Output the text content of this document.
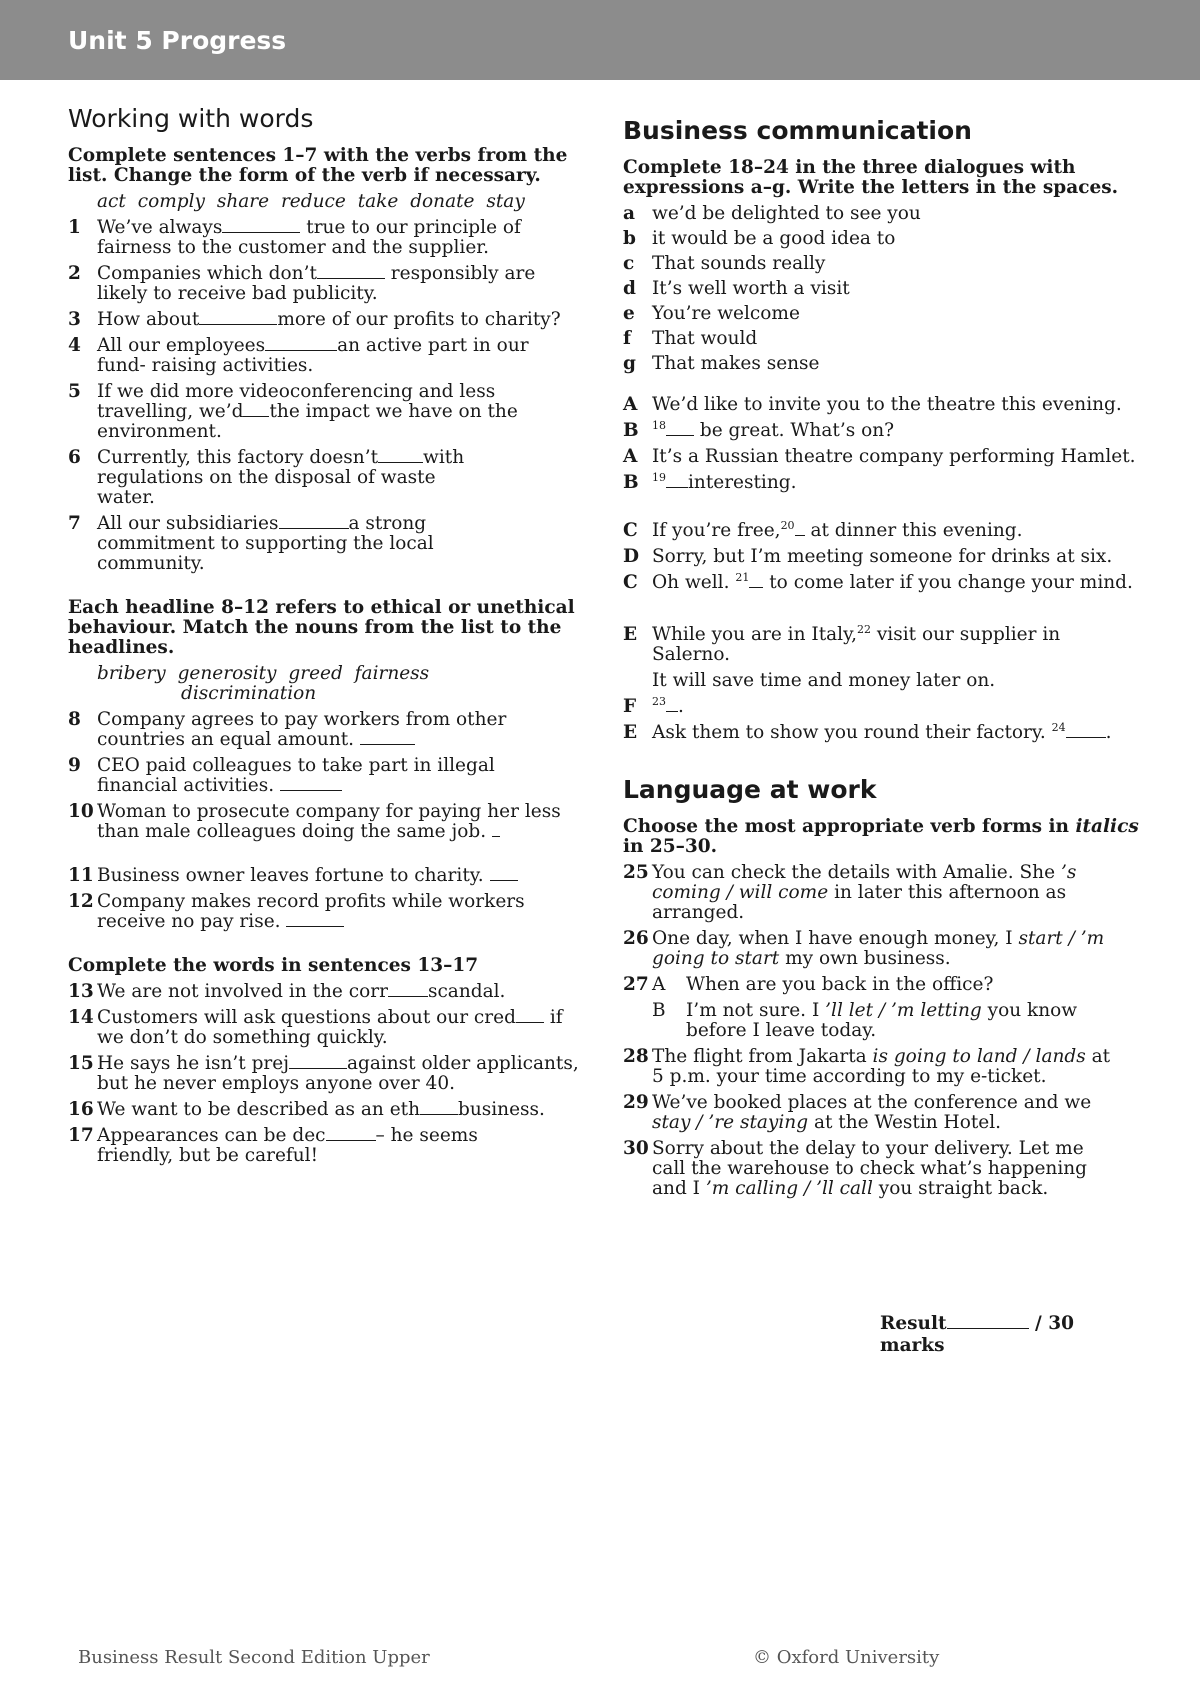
Unit 5 Progress
Working with words
Complete sentences 1–7 with the verbs from the list. Change the form of the verb if necessary.
act comply share reduce take donate stay
1 We’ve always	true to our principle of fairness to the customer and the supplier.
2 Companies which don’t	responsibly are likely to receive bad publicity.
3 How about	more of our profits to charity?
4 All our employees	an active part in our fund- raising activities.
5 If we did more videoconferencing and less travelling, we’d the impact we have on the environment.
6 Currently, this factory doesn’t with regulations on the disposal of waste water.
7 All our subsidiaries	a strong commitment to supporting the local community.
Each headline 8–12 refers to ethical or unethical behaviour. Match the nouns from the list to the headlines.
bribery generosity greed fairness
discrimination
8 Company agrees to pay workers from other countries an equal amount.
9 CEO paid colleagues to take part in illegal financial activities.
10 Woman to prosecute company for paying her less than male colleagues doing the same job.
11 Business owner leaves fortune to charity.
12 Company makes record profits while workers receive no pay rise.
Complete the words in sentences 13–17
13 We are not involved in the corr scandal.
14 Customers will ask questions about our cred if we don’t do something quickly.
15 He says he isn’t prej	against older applicants, but he never employs anyone over 40.
16 We want to be described as an eth business.
17 Appearances can be dec	– he seems friendly, but be careful!
Business communication
Complete 18–24 in the three dialogues with expressions a–g. Write the letters in the spaces.
a we’d be delighted to see you
b it would be a good idea to
c That sounds really
d It’s well worth a visit
e You’re welcome
f	That would
g That makes sense
A We’d like to invite you to the theatre this evening.
B	$^{18}$ be great. What’s on?
A It’s a Russian theatre company performing Hamlet.
B	$^{19}$ interesting.
C If you’re free,$^{20}$ at dinner this evening.
D Sorry, but I’m meeting someone for drinks at six.
C Oh well. $^{21}$ to come later if you change your mind.
E While you are in Italy,$^{22}$ visit our supplier in Salerno.
It will save time and money later on.
F	$^{23}$ .
E Ask them to show you round their factory. $^{24}$ .
Language at work
Choose the most appropriate verb forms in italics in 25–30.
25 You can check the details with Amalie. She ’s coming / will come in later this afternoon as arranged.
26 One day, when I have enough money, I start / ’m going to start my own business.
27 A	When are you back in the office?
B	I’m not sure. I ’ll let / ’m letting you know before I leave today.
28 The flight from Jakarta is going to land / lands at 5 p.m. your time according to my e-ticket.
29 We’ve booked places at the conference and we stay / ’re staying at the Westin Hotel.
30 Sorry about the delay to your delivery. Let me call the warehouse to check what’s happening and I ’m calling / ’ll call you straight back.
Result	/ 30
marks
Business Result Second Edition Upper	© Oxford University
